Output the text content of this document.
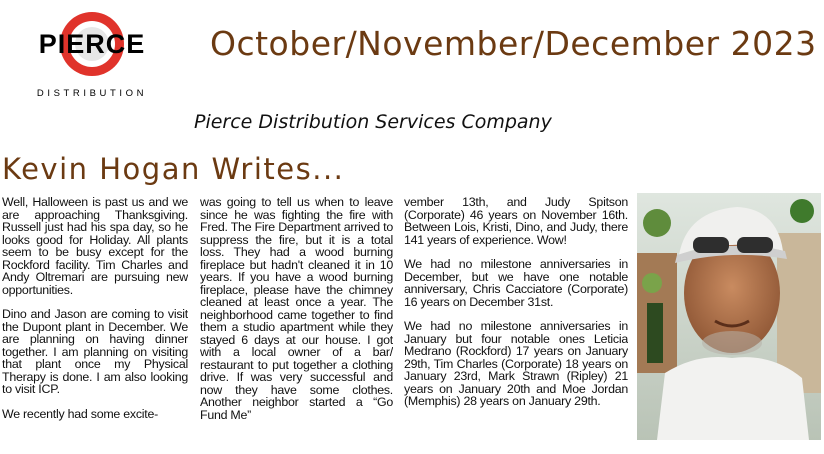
PIERCE
DISTRIBUTION
October/November/December 2023
Pierce Distribution Services Company
Kevin Hogan Writes...

Well, Halloween is past us and we are approaching Thanksgiving. Russell just had his spa day, so he looks good for Holiday. All plants seem to be busy except for the Rockford facility. Tim Charles and Andy Oltremari are pursuing new opportunities.

Dino and Jason are coming to visit the Dupont plant in December. We are planning on having dinner together. I am planning on visiting that plant once my Physical Therapy is done. I am also looking to visit ICP.

We recently had some excite-

was going to tell us when to leave since he was fighting the fire with Fred. The Fire Department arrived to suppress the fire, but it is a total loss. They had a wood burning fireplace but hadn't cleaned it in 10 years. If you have a wood burning fireplace, please have the chimney cleaned at least once a year. The neighborhood came together to find them a studio apartment while they stayed 6 days at our house. I got with a local owner of a bar/ restaurant to put together a clothing drive. If was very successful and now they have some clothes. Another neighbor started a “Go Fund Me”

vember 13th, and Judy Spitson (Corporate) 46 years on November 16th. Between Lois, Kristi, Dino, and Judy, there 141 years of experience. Wow!

We had no milestone anniversaries in December, but we have one notable anniversary, Chris Cacciatore (Corporate) 16 years on December 31st.

We had no milestone anniversaries in January but four notable ones Leticia Medrano (Rockford) 17 years on January 29th, Tim Charles (Corporate) 18 years on January 23rd, Mark Strawn (Ripley) 21 years on January 20th and Moe Jordan (Memphis) 28 years on January 29th.
